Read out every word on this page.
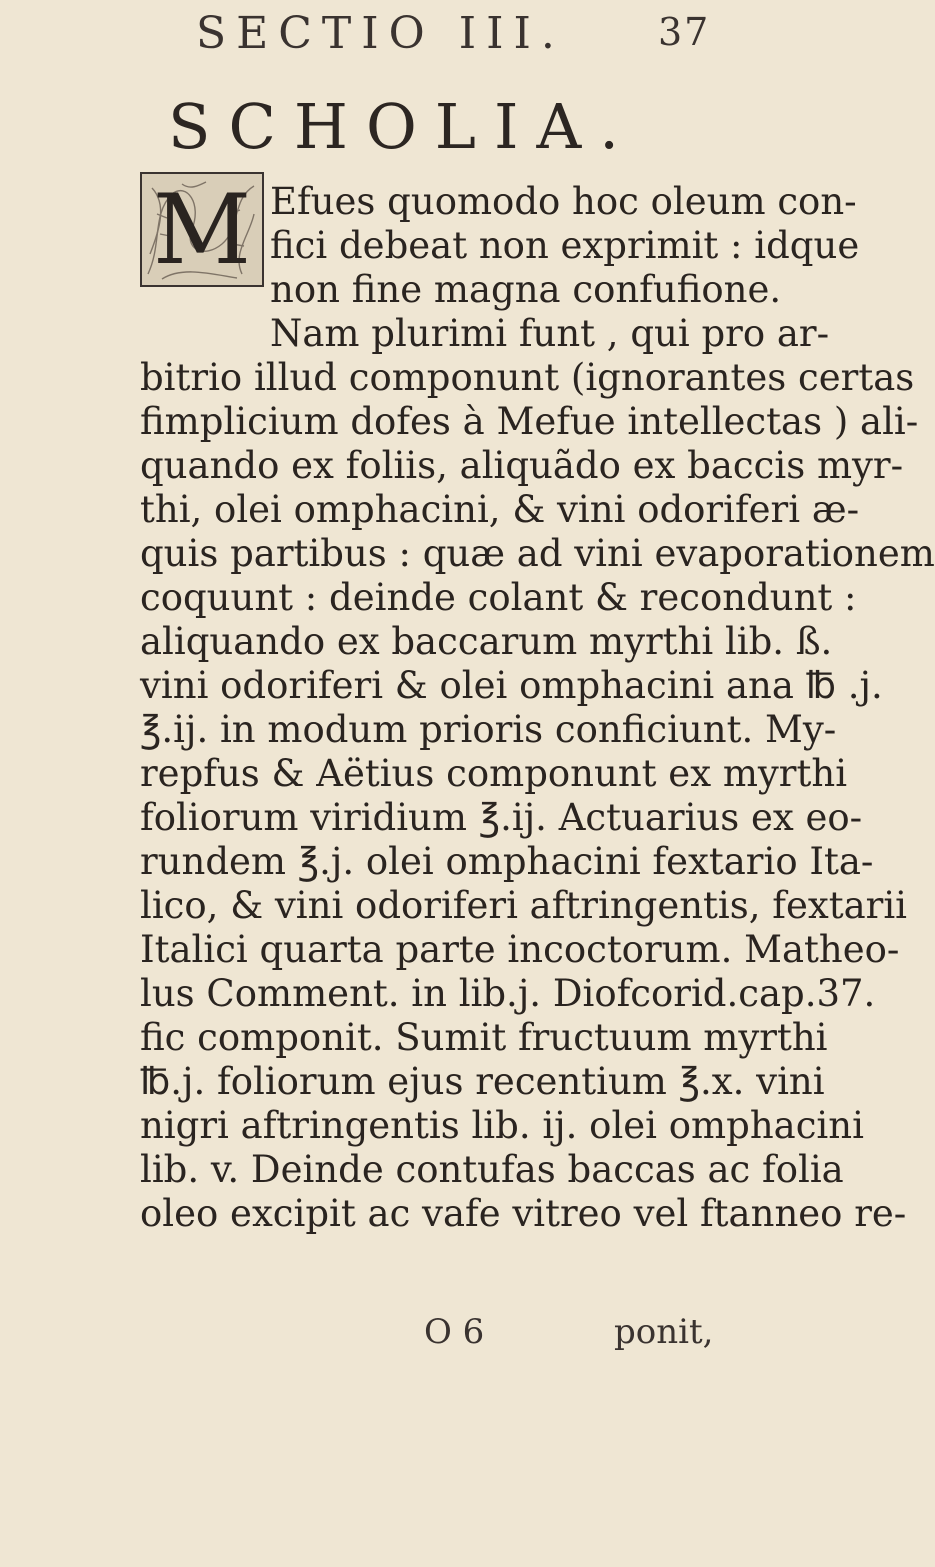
SECTIO III. 37
SCHOLIA.
M Efues quomodo hoc oleum con-
fici debeat non exprimit : idque
non fine magna confufione.
Nam plurimi funt , qui pro ar-
bitrio illud componunt (ignorantes certas
fimplicium dofes à Mefue intellectas ) ali-
quando ex foliis, aliquãdo ex baccis myr-
thi, olei omphacini, & vini odoriferi æ-
quis partibus : quæ ad vini evaporationem
coquunt : deinde colant & recondunt :
aliquando ex baccarum myrthi lib. ß.
vini odoriferi & olei omphacini ana ℔ .j.
℥.ij. in modum prioris conficiunt. My-
repfus & Aëtius componunt ex myrthi
foliorum viridium ℥.ij. Actuarius ex eo-
rundem ℥.j. olei omphacini fextario Ita-
lico, & vini odoriferi aftringentis, fextarii
Italici quarta parte incoctorum. Matheo-
lus Comment. in lib.j. Diofcorid.cap.37.
fic componit. Sumit fructuum myrthi
℔.j. foliorum ejus recentium ℥.x. vini
nigri aftringentis lib. ij. olei omphacini
lib. v. Deinde contufas baccas ac folia
oleo excipit ac vafe vitreo vel ftanneo re-
O 6	ponit,
